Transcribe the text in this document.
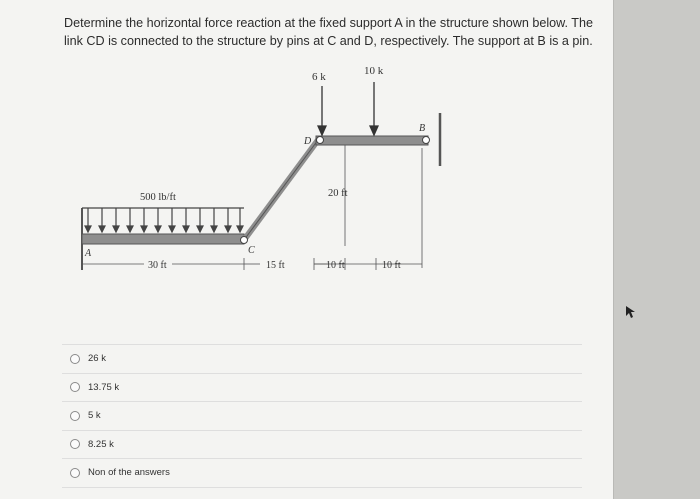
Determine the horizontal force reaction at the fixed support A in the structure shown below. The link CD is connected to the structure by pins at C and D, respectively. The support at B is a pin.
6 k	10 k
500 lb/ft	20 ft
30 ft	15 ft	10 ft	10 ft
A
B
C
D
26 k
13.75 k
5 k
8.25 k
Non of the answers
